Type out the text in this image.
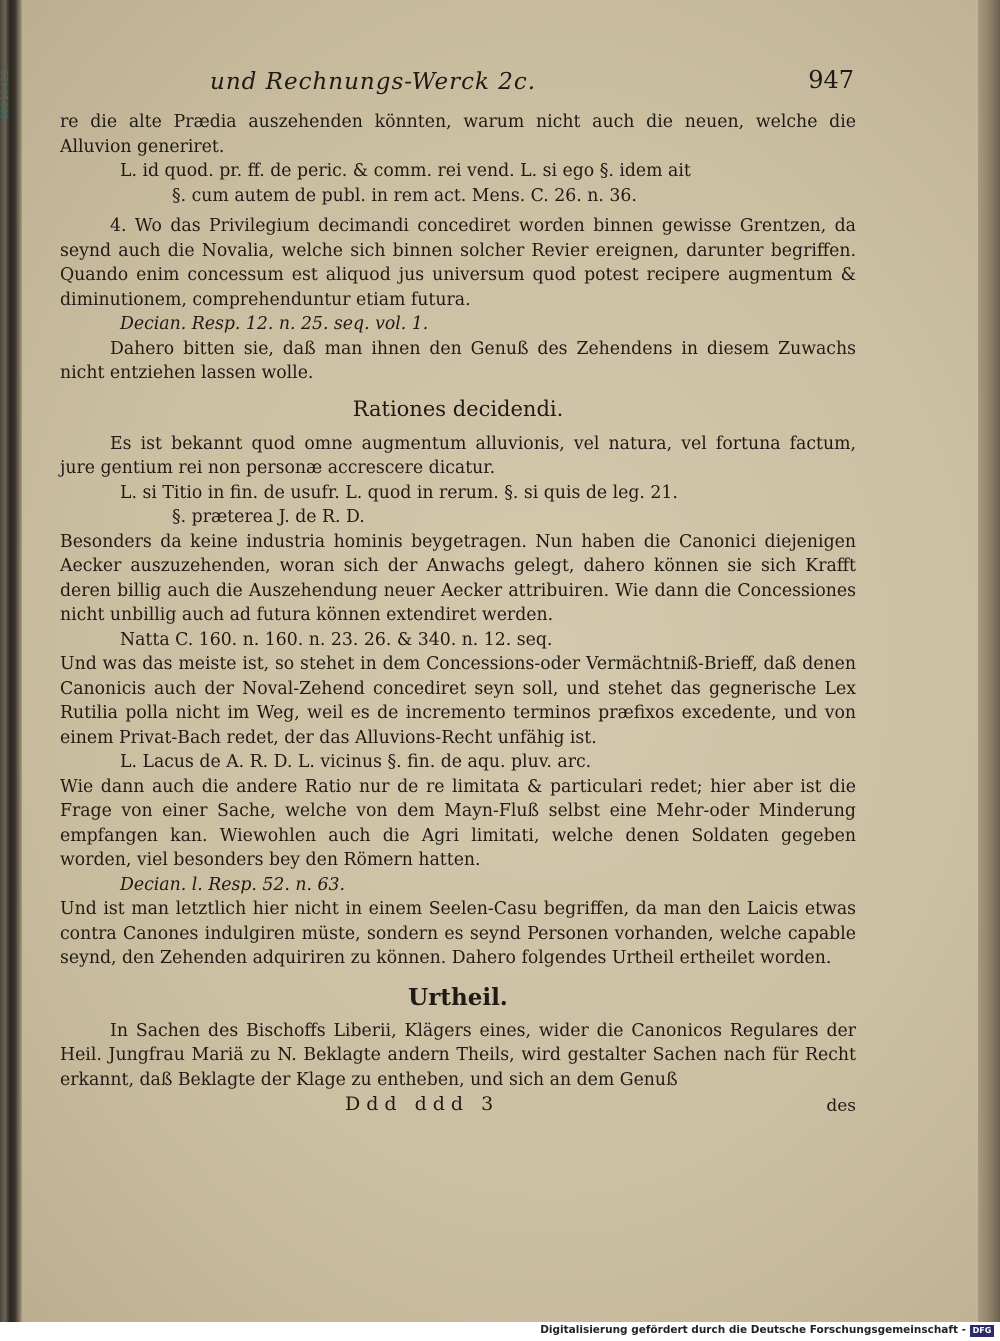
00010425	und Rechnungs-Werck 2c.	947

re die alte Prædia auszehenden könnten, warum nicht auch die neuen, welche die Alluvion generiret.

L. id quod. pr. ff. de peric. & comm. rei vend. L. si ego §. idem ait

§. cum autem de publ. in rem act. Mens. C. 26. n. 36.

4. Wo das Privilegium decimandi concediret worden binnen gewisse Grentzen, da seynd auch die Novalia, welche sich binnen solcher Revier ereignen, darunter begriffen. Quando enim concessum est aliquod jus universum quod potest recipere augmentum & diminutionem, comprehenduntur etiam futura.

Decian. Resp. 12. n. 25. seq. vol. 1.

Dahero bitten sie, daß man ihnen den Genuß des Zehendens in diesem Zuwachs nicht entziehen lassen wolle.

Rationes decidendi.

Es ist bekannt quod omne augmentum alluvionis, vel natura, vel fortuna factum, jure gentium rei non personæ accrescere dicatur.

L. si Titio in fin. de usufr. L. quod in rerum. §. si quis de leg. 21.

§. præterea J. de R. D.

Besonders da keine industria hominis beygetragen. Nun haben die Canonici diejenigen Aecker auszuzehenden, woran sich der Anwachs gelegt, dahero können sie sich Krafft deren billig auch die Auszehendung neuer Aecker attribuiren. Wie dann die Concessiones nicht unbillig auch ad futura können extendiret werden.

Natta C. 160. n. 160. n. 23. 26. & 340. n. 12. seq.

Und was das meiste ist, so stehet in dem Concessions-oder Vermächtniß-Brieff, daß denen Canonicis auch der Noval-Zehend concediret seyn soll, und stehet das gegnerische Lex Rutilia polla nicht im Weg, weil es de incremento terminos præfixos excedente, und von einem Privat-Bach redet, der das Alluvions-Recht unfähig ist.

L. Lacus de A. R. D. L. vicinus §. fin. de aqu. pluv. arc.

Wie dann auch die andere Ratio nur de re limitata & particulari redet; hier aber ist die Frage von einer Sache, welche von dem Mayn-Fluß selbst eine Mehr-oder Minderung empfangen kan. Wiewohlen auch die Agri limitati, welche denen Soldaten gegeben worden, viel besonders bey den Römern hatten.

Decian. l. Resp. 52. n. 63.

Und ist man letztlich hier nicht in einem Seelen-Casu begriffen, da man den Laicis etwas contra Canones indulgiren müste, sondern es seynd Personen vorhanden, welche capable seynd, den Zehenden adquiriren zu können. Dahero folgendes Urtheil ertheilet worden.

Urtheil.

In Sachen des Bischoffs Liberii, Klägers eines, wider die Canonicos Regulares der Heil. Jungfrau Mariä zu N. Beklagte andern Theils, wird gestalter Sachen nach für Recht erkannt, daß Beklagte der Klage zu entheben, und sich an dem Genuß

Ddd ddd 3	des
Digitalisierung gefördert durch die Deutsche Forschungsgemeinschaft - DFG
